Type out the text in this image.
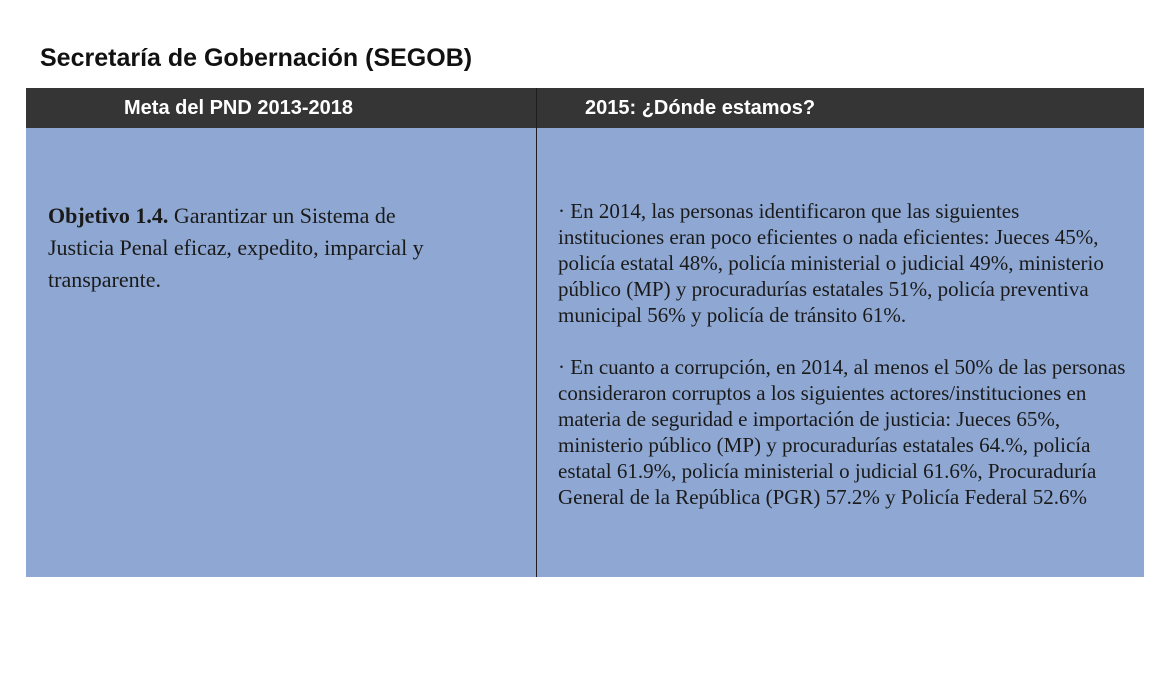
Secretaría de Gobernación (SEGOB)
Meta del PND 2013-2018	2015: ¿Dónde estamos?
Objetivo 1.4. Garantizar un Sistema de Justicia Penal eficaz, expedito, imparcial y transparente.

· En 2014, las personas identificaron que las siguientes instituciones eran poco eficientes o nada eficientes: Jueces 45%, policía estatal 48%, policía ministerial o judicial 49%, ministerio público (MP) y procuradurías estatales 51%, policía preventiva municipal 56% y policía de tránsito 61%.

· En cuanto a corrupción, en 2014, al menos el 50% de las personas consideraron corruptos a los siguientes actores/instituciones en materia de seguridad e importación de justicia: Jueces 65%, ministerio público (MP) y procuradurías estatales 64.%, policía estatal 61.9%, policía ministerial o judicial 61.6%, Procuraduría General de la República (PGR) 57.2% y Policía Federal 52.6%
